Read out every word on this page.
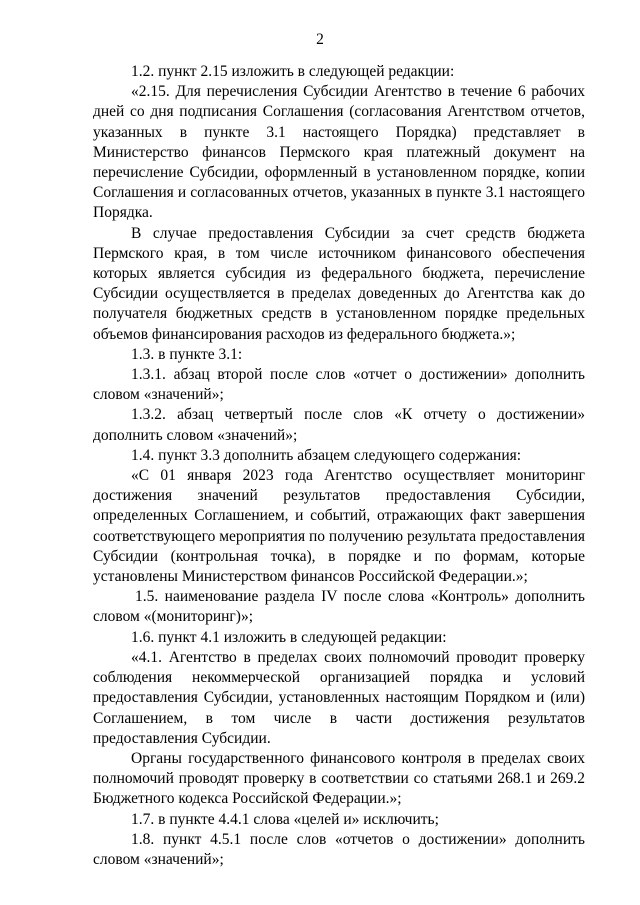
2

1.2. пункт 2.15 изложить в следующей редакции:

«2.15. Для перечисления Субсидии Агентство в течение 6 рабочих дней со дня подписания Соглашения (согласования Агентством отчетов, указанных в пункте 3.1 настоящего Порядка) представляет в Министерство финансов Пермского края платежный документ на перечисление Субсидии, оформленный в установленном порядке, копии Соглашения и согласованных отчетов, указанных в пункте 3.1 настоящего Порядка.

В случае предоставления Субсидии за счет средств бюджета Пермского края, в том числе источником финансового обеспечения которых является субсидия из федерального бюджета, перечисление Субсидии осуществляется в пределах доведенных до Агентства как до получателя бюджетных средств в установленном порядке предельных объемов финансирования расходов из федерального бюджета.»;

1.3. в пункте 3.1:

1.3.1. абзац второй после слов «отчет о достижении» дополнить словом «значений»;

1.3.2. абзац четвертый после слов «К отчету о достижении» дополнить словом «значений»;

1.4. пункт 3.3 дополнить абзацем следующего содержания:

«С 01 января 2023 года Агентство осуществляет мониторинг достижения значений результатов предоставления Субсидии, определенных Соглашением, и событий, отражающих факт завершения соответствующего мероприятия по получению результата предоставления Субсидии (контрольная точка), в порядке и по формам, которые установлены Министерством финансов Российской Федерации.»;

1.5. наименование раздела IV после слова «Контроль» дополнить словом «(мониторинг)»;

1.6. пункт 4.1 изложить в следующей редакции:

«4.1. Агентство в пределах своих полномочий проводит проверку соблюдения некоммерческой организацией порядка и условий предоставления Субсидии, установленных настоящим Порядком и (или) Соглашением, в том числе в части достижения результатов предоставления Субсидии.

Органы государственного финансового контроля в пределах своих полномочий проводят проверку в соответствии со статьями 268.1 и 269.2 Бюджетного кодекса Российской Федерации.»;

1.7. в пункте 4.4.1 слова «целей и» исключить;

1.8. пункт 4.5.1 после слов «отчетов о достижении» дополнить словом «значений»;
